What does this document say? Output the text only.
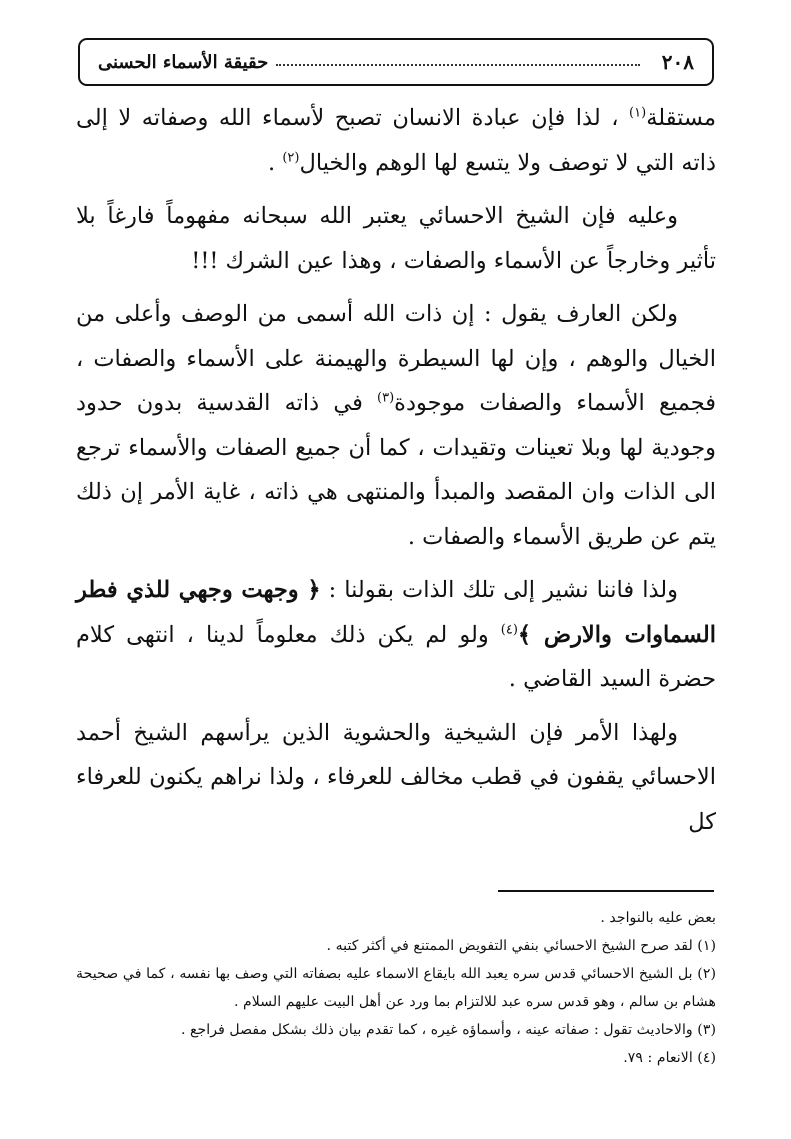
٢٠٨
حقيقة الأسماء الحسنى

مستقلة$^{(١)}$ ، لذا فإن عبادة الانسان تصبح لأسماء الله وصفاته لا إلى ذاته التي لا توصف ولا يتسع لها الوهم والخيال$^{(٢)}$ .

وعليه فإن الشيخ الاحسائي يعتبر الله سبحانه مفهوماً فارغاً بلا تأثير وخارجاً عن الأسماء والصفات ، وهذا عين الشرك !!!

ولكن العارف يقول : إن ذات الله أسمى من الوصف وأعلى من الخيال والوهم ، وإن لها السيطرة والهيمنة على الأسماء والصفات ، فجميع الأسماء والصفات موجودة$^{(٣)}$ في ذاته القدسية بدون حدود وجودية لها وبلا تعينات وتقيدات ، كما أن جميع الصفات والأسماء ترجع الى الذات وان المقصد والمبدأ والمنتهى هي ذاته ، غاية الأمر إن ذلك يتم عن طريق الأسماء والصفات .

ولذا فاننا نشير إلى تلك الذات بقولنا : ﴿ وجهت وجهي للذي فطر السماوات والارض ﴾$^{(٤)}$ ولو لم يكن ذلك معلوماً لدينا ، انتهى كلام حضرة السيد القاضي .

ولهذا الأمر فإن الشيخية والحشوية الذين يرأسهم الشيخ أحمد الاحسائي يقفون في قطب مخالف للعرفاء ، ولذا نراهم يكنون للعرفاء كل

بعض عليه بالنواجد .

(١) لقد صرح الشيخ الاحسائي بنفي التفويض الممتنع في أكثر كتبه .

(٢) بل الشيخ الاحسائي قدس سره يعبد الله بايقاع الاسماء عليه بصفاته التي وصف بها نفسه ، كما في صحيحة هشام بن سالم ، وهو قدس سره عبد للالتزام بما ورد عن أهل البيت عليهم السلام .

(٣) والاحاديث تقول : صفاته عينه ، وأسماؤه غيره ، كما تقدم بيان ذلك بشكل مفصل فراجع .

(٤) الانعام : ٧٩.
